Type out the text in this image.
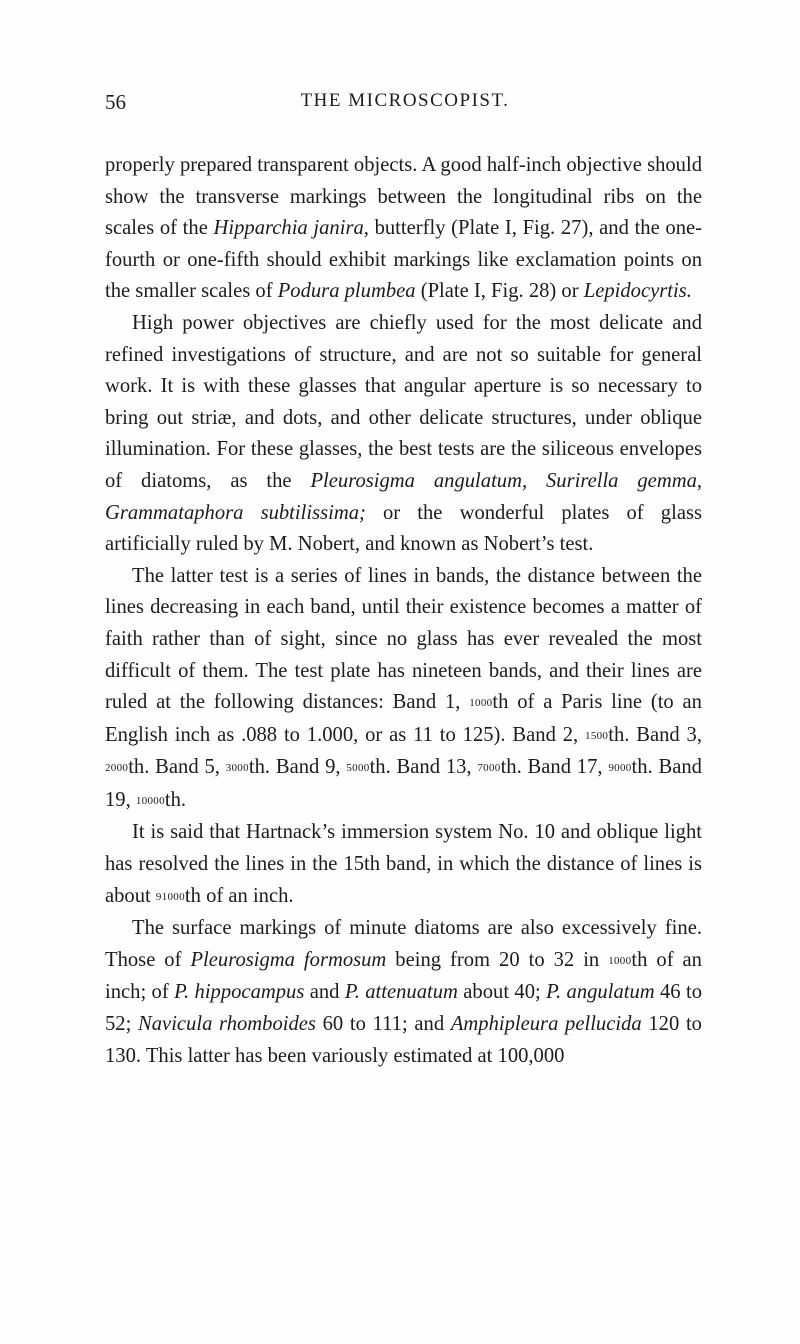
56	THE MICROSCOPIST.

properly prepared transparent objects. A good half-inch objective should show the transverse markings between the longitudinal ribs on the scales of the Hipparchia janira, butterfly (Plate I, Fig. 27), and the one-fourth or one-fifth should exhibit markings like exclamation points on the smaller scales of Podura plumbea (Plate I, Fig. 28) or Lepidocyrtis.

High power objectives are chiefly used for the most delicate and refined investigations of structure, and are not so suitable for general work. It is with these glasses that angular aperture is so necessary to bring out striæ, and dots, and other delicate structures, under oblique illumination. For these glasses, the best tests are the siliceous envelopes of diatoms, as the Pleurosigma angulatum, Surirella gemma, Grammataphora subtilissima; or the wonderful plates of glass artificially ruled by M. Nobert, and known as Nobert’s test.

The latter test is a series of lines in bands, the distance between the lines decreasing in each band, until their existence becomes a matter of faith rather than of sight, since no glass has ever revealed the most difficult of them. The test plate has nineteen bands, and their lines are ruled at the following distances: Band 1, 1000th of a Paris line (to an English inch as .088 to 1.000, or as 11 to 125). Band 2, 1500th. Band 3, 2000th. Band 5, 3000th. Band 9, 5000th. Band 13, 7000th. Band 17, 9000th. Band 19, 10000th.

It is said that Hartnack’s immersion system No. 10 and oblique light has resolved the lines in the 15th band, in which the distance of lines is about 91000th of an inch.

The surface markings of minute diatoms are also excessively fine. Those of Pleurosigma formosum being from 20 to 32 in 1000th of an inch; of P. hippocampus and P. attenuatum about 40; P. angulatum 46 to 52; Navicula rhomboides 60 to 111; and Amphipleura pellucida 120 to 130. This latter has been variously estimated at 100,000
